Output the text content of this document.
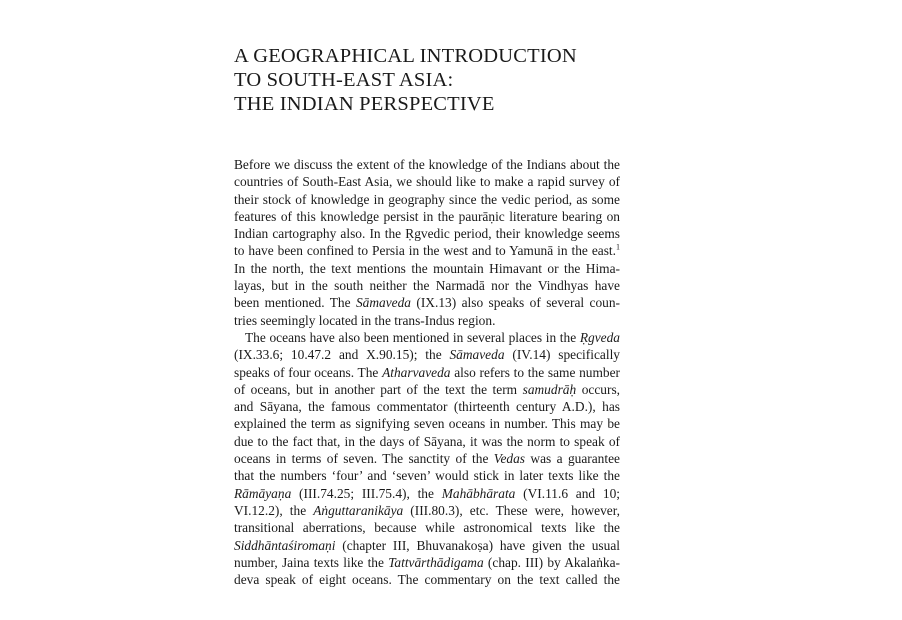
A GEOGRAPHICAL INTRODUCTION
TO SOUTH-EAST ASIA:
THE INDIAN PERSPECTIVE
Before we discuss the extent of the knowledge of the Indians about the
countries of South-East Asia, we should like to make a rapid survey of
their stock of knowledge in geography since the vedic period, as some
features of this knowledge persist in the paurāṇic literature bearing on
Indian cartography also. In the Ṛgvedic period, their knowledge seems
to have been confined to Persia in the west and to Yamunā in the east.$^1$
In the north, the text mentions the mountain Himavant or the Hima-
layas, but in the south neither the Narmadā nor the Vindhyas have
been mentioned. The Sāmaveda (IX.13) also speaks of several coun-
tries seemingly located in the trans-Indus region.
The oceans have also been mentioned in several places in the Ṛgveda
(IX.33.6; 10.47.2 and X.90.15); the Sāmaveda (IV.14) specifically
speaks of four oceans. The Atharvaveda also refers to the same number
of oceans, but in another part of the text the term samudrāḥ occurs,
and Sāyana, the famous commentator (thirteenth century A.D.), has
explained the term as signifying seven oceans in number. This may be
due to the fact that, in the days of Sāyana, it was the norm to speak of
oceans in terms of seven. The sanctity of the Vedas was a guarantee
that the numbers ‘four’ and ‘seven’ would stick in later texts like the
Rāmāyaṇa (III.74.25; III.75.4), the Mahābhārata (VI.11.6 and 10;
VI.12.2), the Aṅguttaranikāya (III.80.3), etc. These were, however,
transitional aberrations, because while astronomical texts like the
Siddhāntaśiromaṇi (chapter III, Bhuvanakoṣa) have given the usual
number, Jaina texts like the Tattvārthādigama (chap. III) by Akalaṅka-
deva speak of eight oceans. The commentary on the text called the
